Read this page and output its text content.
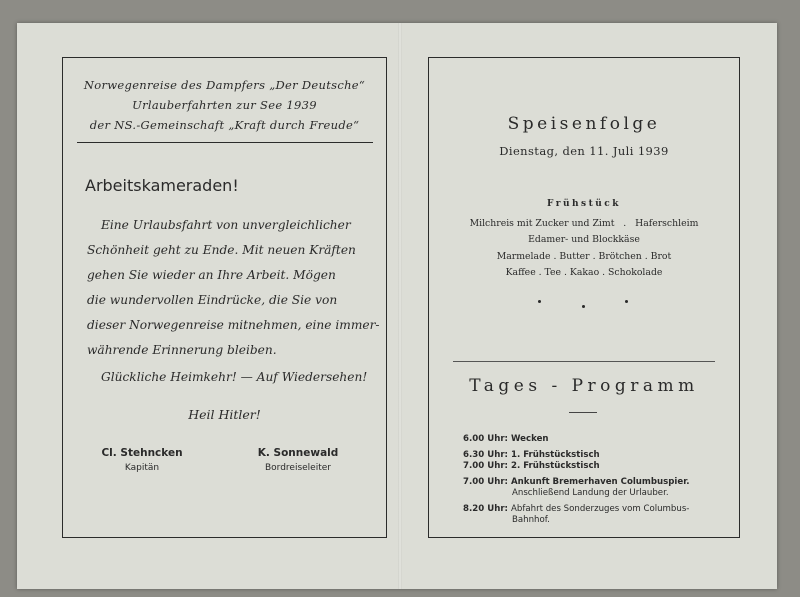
Norwegenreise des Dampfers „Der Deutsche“
Urlauberfahrten zur See 1939
der NS.-Gemeinschaft „Kraft durch Freude“
Arbeitskameraden!
Eine Urlaubsfahrt von unvergleichlicher
Schönheit geht zu Ende. Mit neuen Kräften
gehen Sie wieder an Ihre Arbeit. Mögen
die wundervollen Eindrücke, die Sie von
dieser Norwegenreise mitnehmen, eine immer-
währende Erinnerung bleiben.
Glückliche Heimkehr! — Auf Wiedersehen!
Heil Hitler!
Cl. Stehncken
Kapitän
K. Sonnewald
Bordreiseleiter
Speisenfolge
Dienstag, den 11. Juli 1939
Frühstück
Milchreis mit Zucker und Zimt   .   Haferschleim
Edamer- und Blockkäse
Marmelade . Butter . Brötchen . Brot
Kaffee . Tee . Kakao . Schokolade
Tages - Programm
6.00 Uhr: Wecken
6.30 Uhr: 1. Frühstückstisch
7.00 Uhr: 2. Frühstückstisch
7.00 Uhr: Ankunft Bremerhaven Columbuspier.
Anschließend Landung der Urlauber.
8.20 Uhr: Abfahrt des Sonderzuges vom Columbus-
Bahnhof.
